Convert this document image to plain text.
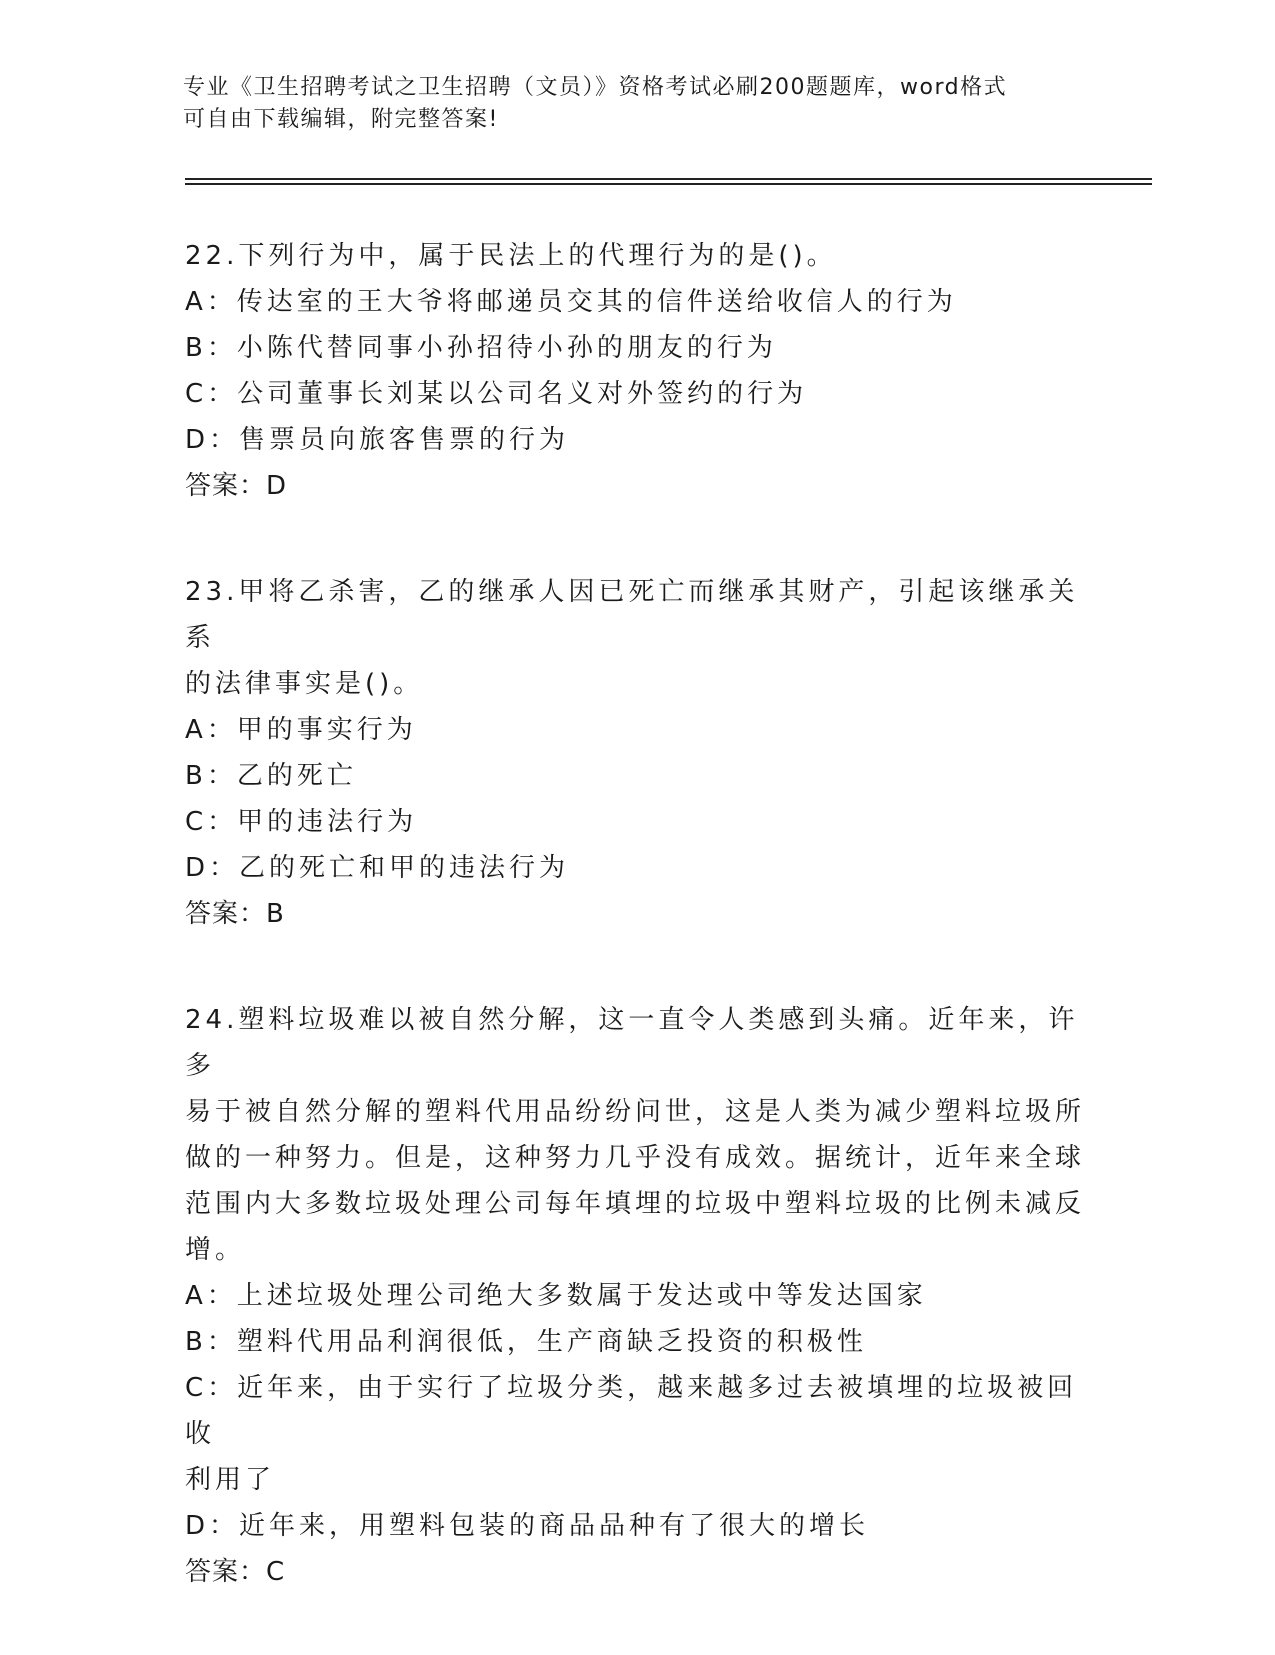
专业《卫生招聘考试之卫生招聘（文员）》资格考试必刷200题题库，word格式
可自由下载编辑，附完整答案!
22.下列行为中，属于民法上的代理行为的是()。
A：传达室的王大爷将邮递员交其的信件送给收信人的行为
B：小陈代替同事小孙招待小孙的朋友的行为
C：公司董事长刘某以公司名义对外签约的行为
D：售票员向旅客售票的行为
答案：D
23.甲将乙杀害，乙的继承人因已死亡而继承其财产，引起该继承关系
的法律事实是()。
A：甲的事实行为
B：乙的死亡
C：甲的违法行为
D：乙的死亡和甲的违法行为
答案：B
24.塑料垃圾难以被自然分解，这一直令人类感到头痛。近年来，许多
易于被自然分解的塑料代用品纷纷问世，这是人类为减少塑料垃圾所
做的一种努力。但是，这种努力几乎没有成效。据统计，近年来全球
范围内大多数垃圾处理公司每年填埋的垃圾中塑料垃圾的比例未减反
增。
A：上述垃圾处理公司绝大多数属于发达或中等发达国家
B：塑料代用品利润很低，生产商缺乏投资的积极性
C：近年来，由于实行了垃圾分类，越来越多过去被填埋的垃圾被回收
利用了
D：近年来，用塑料包装的商品品种有了很大的增长
答案：C
